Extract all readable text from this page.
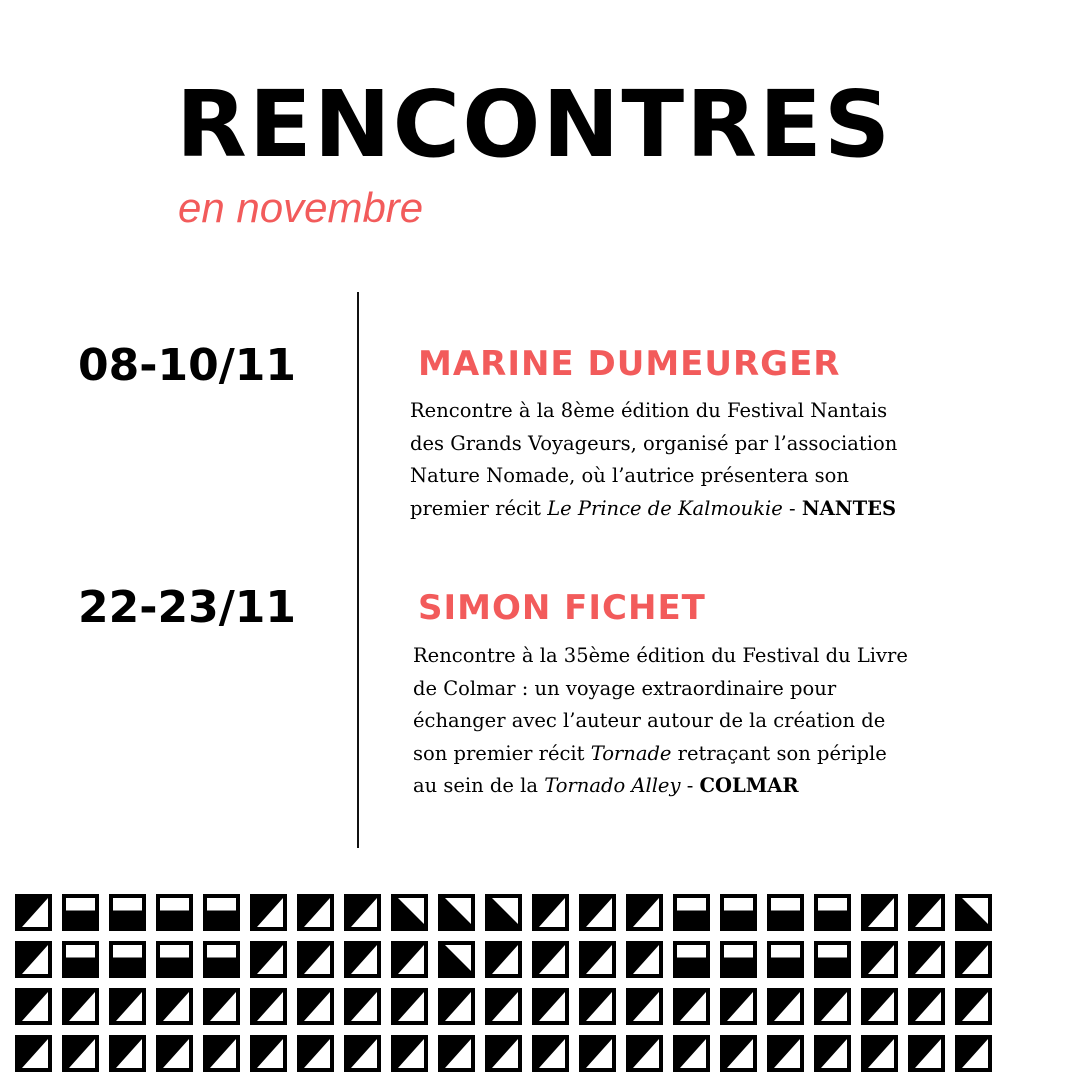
RENCONTRES

en novembre

08-10/11	MARINE DUMEURGER

Rencontre à la 8ème édition du Festival Nantais
des Grands Voyageurs, organisé par l’association
Nature Nomade, où l’autrice présentera son
premier récit Le Prince de Kalmoukie - NANTES

22-23/11	SIMON FICHET

Rencontre à la 35ème édition du Festival du Livre
de Colmar : un voyage extraordinaire pour
échanger avec l’auteur autour de la création de
son premier récit Tornade retraçant son périple
au sein de la Tornado Alley - COLMAR
